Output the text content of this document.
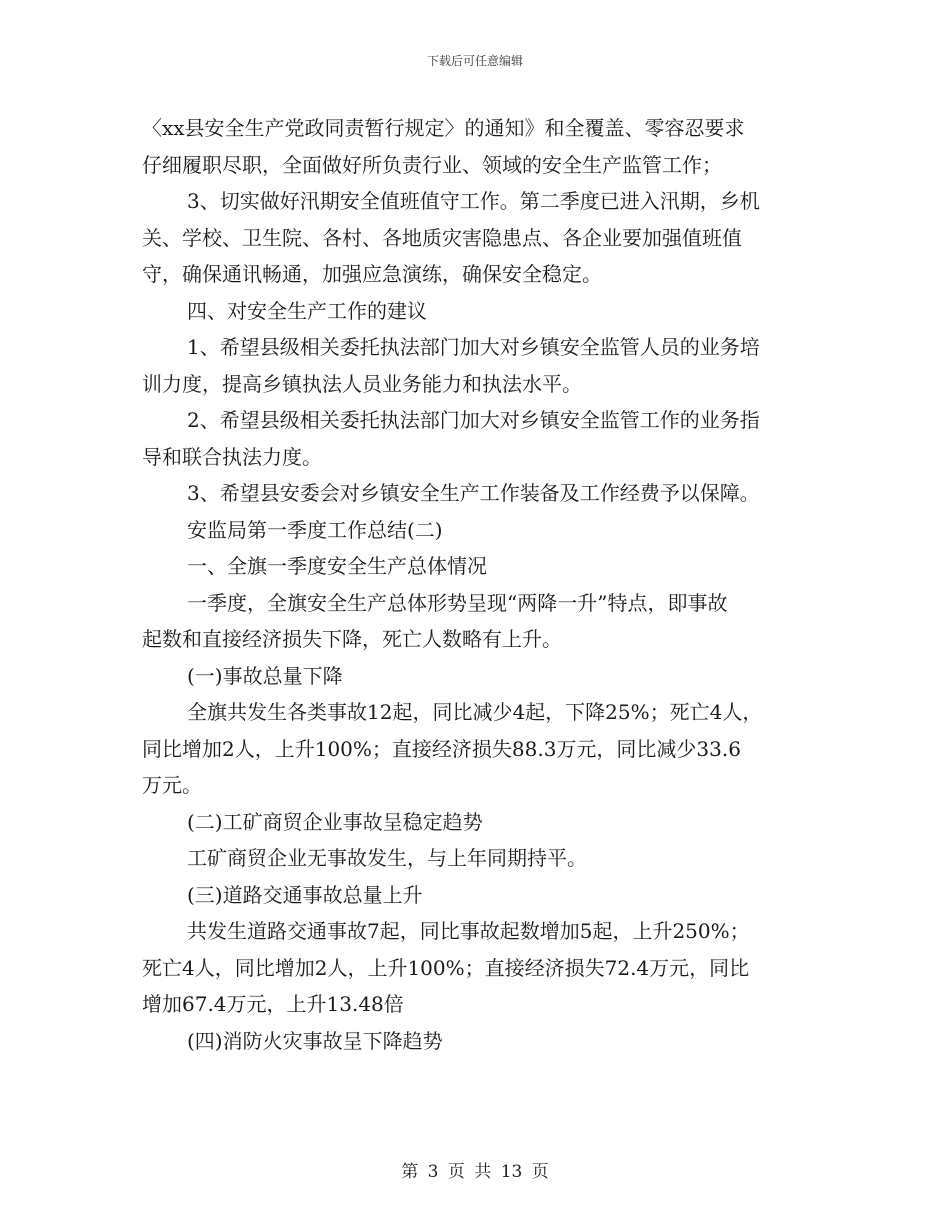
下载后可任意编辑
〈xx县安全生产党政同责暂行规定〉的通知》和全覆盖、零容忍要求
仔细履职尽职，全面做好所负责行业、领域的安全生产监管工作；
3、切实做好汛期安全值班值守工作。第二季度已进入汛期，乡机
关、学校、卫生院、各村、各地质灾害隐患点、各企业要加强值班值
守，确保通讯畅通，加强应急演练，确保安全稳定。
四、对安全生产工作的建议
1、希望县级相关委托执法部门加大对乡镇安全监管人员的业务培
训力度，提高乡镇执法人员业务能力和执法水平。
2、希望县级相关委托执法部门加大对乡镇安全监管工作的业务指
导和联合执法力度。
3、希望县安委会对乡镇安全生产工作装备及工作经费予以保障。
安监局第一季度工作总结(二)
一、全旗一季度安全生产总体情况
一季度，全旗安全生产总体形势呈现“两降一升”特点，即事故
起数和直接经济损失下降，死亡人数略有上升。
(一)事故总量下降
全旗共发生各类事故12起，同比减少4起，下降25%；死亡4人，
同比增加2人，上升100%；直接经济损失88.3万元，同比减少33.6
万元。
(二)工矿商贸企业事故呈稳定趋势
工矿商贸企业无事故发生，与上年同期持平。
(三)道路交通事故总量上升
共发生道路交通事故7起，同比事故起数增加5起，上升250%；
死亡4人，同比增加2人，上升100%；直接经济损失72.4万元，同比
增加67.4万元，上升13.48倍
(四)消防火灾事故呈下降趋势
第 3 页 共 13 页
